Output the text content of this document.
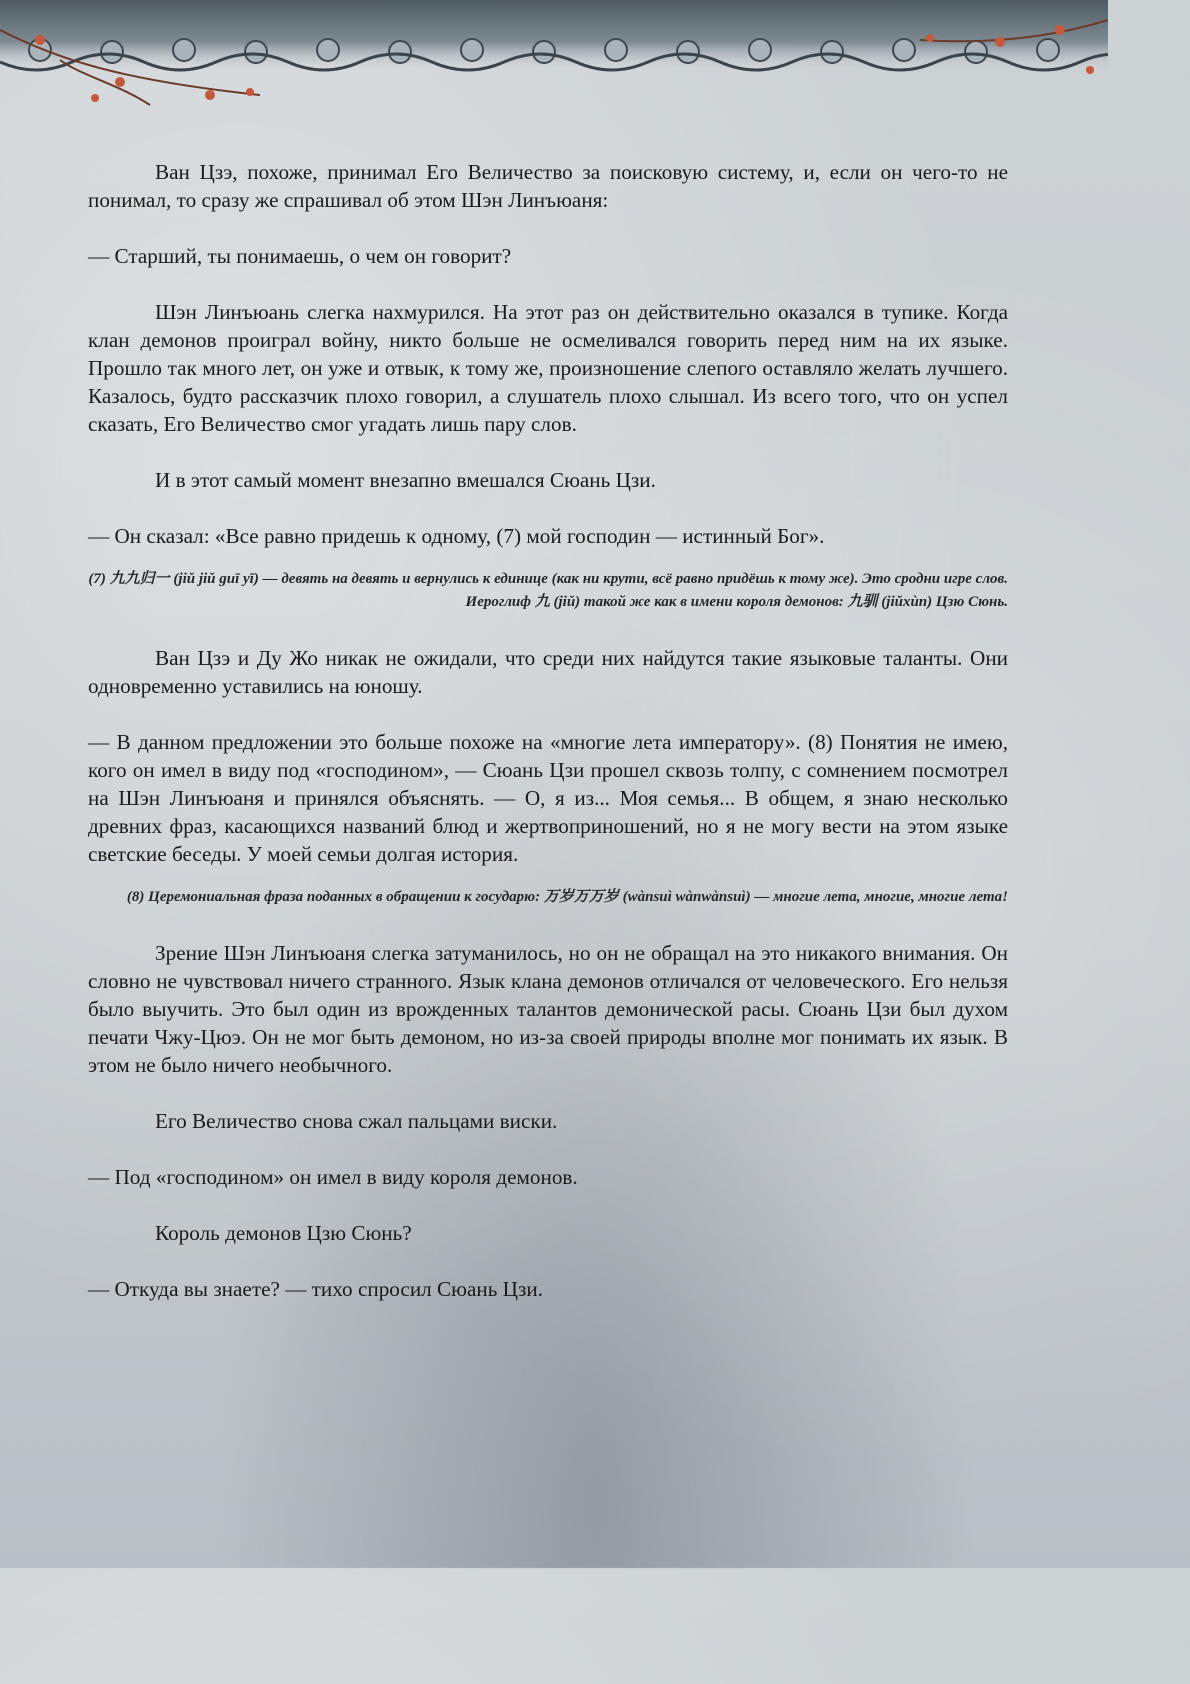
Ван Цзэ, похоже, принимал Его Величество за поисковую систему, и, если он чего-то не понимал, то сразу же спрашивал об этом Шэн Линъюаня:

— Старший, ты понимаешь, о чем он говорит?

Шэн Линъюань слегка нахмурился. На этот раз он действительно оказался в тупике. Когда клан демонов проиграл войну, никто больше не осмеливался говорить перед ним на их языке. Прошло так много лет, он уже и отвык, к тому же, произношение слепого оставляло желать лучшего. Казалось, будто рассказчик плохо говорил, а слушатель плохо слышал. Из всего того, что он успел сказать, Его Величество смог угадать лишь пару слов.

И в этот самый момент внезапно вмешался Сюань Цзи.

— Он сказал: «Все равно придешь к одному, (7) мой господин — истинный Бог».

(7) 九九归一 (jiǔ jiǔ guī yī) — девять на девять и вернулись к единице (как ни крути, всё равно придёшь к тому же). Это сродни игре слов. Иероглиф 九 (jiǔ) такой же как в имени короля демонов: 九驯 (jiǔxùn) Цзю Сюнь.

Ван Цзэ и Ду Жо никак не ожидали, что среди них найдутся такие языковые таланты. Они одновременно уставились на юношу.

— В данном предложении это больше похоже на «многие лета императору». (8) Понятия не имею, кого он имел в виду под «господином», — Сюань Цзи прошел сквозь толпу, с сомнением посмотрел на Шэн Линъюаня и принялся объяснять. — О, я из... Моя семья... В общем, я знаю несколько древних фраз, касающихся названий блюд и жертвоприношений, но я не могу вести на этом языке светские беседы. У моей семьи долгая история.

(8) Церемониальная фраза поданных в обращении к государю: 万岁万万岁 (wànsuì wànwànsuì) — многие лета, многие, многие лета!

Зрение Шэн Линъюаня слегка затуманилось, но он не обращал на это никакого внимания. Он словно не чувствовал ничего странного. Язык клана демонов отличался от человеческого. Его нельзя было выучить. Это был один из врожденных талантов демонической расы. Сюань Цзи был духом печати Чжу-Цюэ. Он не мог быть демоном, но из-за своей природы вполне мог понимать их язык. В этом не было ничего необычного.

Его Величество снова сжал пальцами виски.

— Под «господином» он имел в виду короля демонов.

Король демонов Цзю Сюнь?

— Откуда вы знаете? — тихо спросил Сюань Цзи.
